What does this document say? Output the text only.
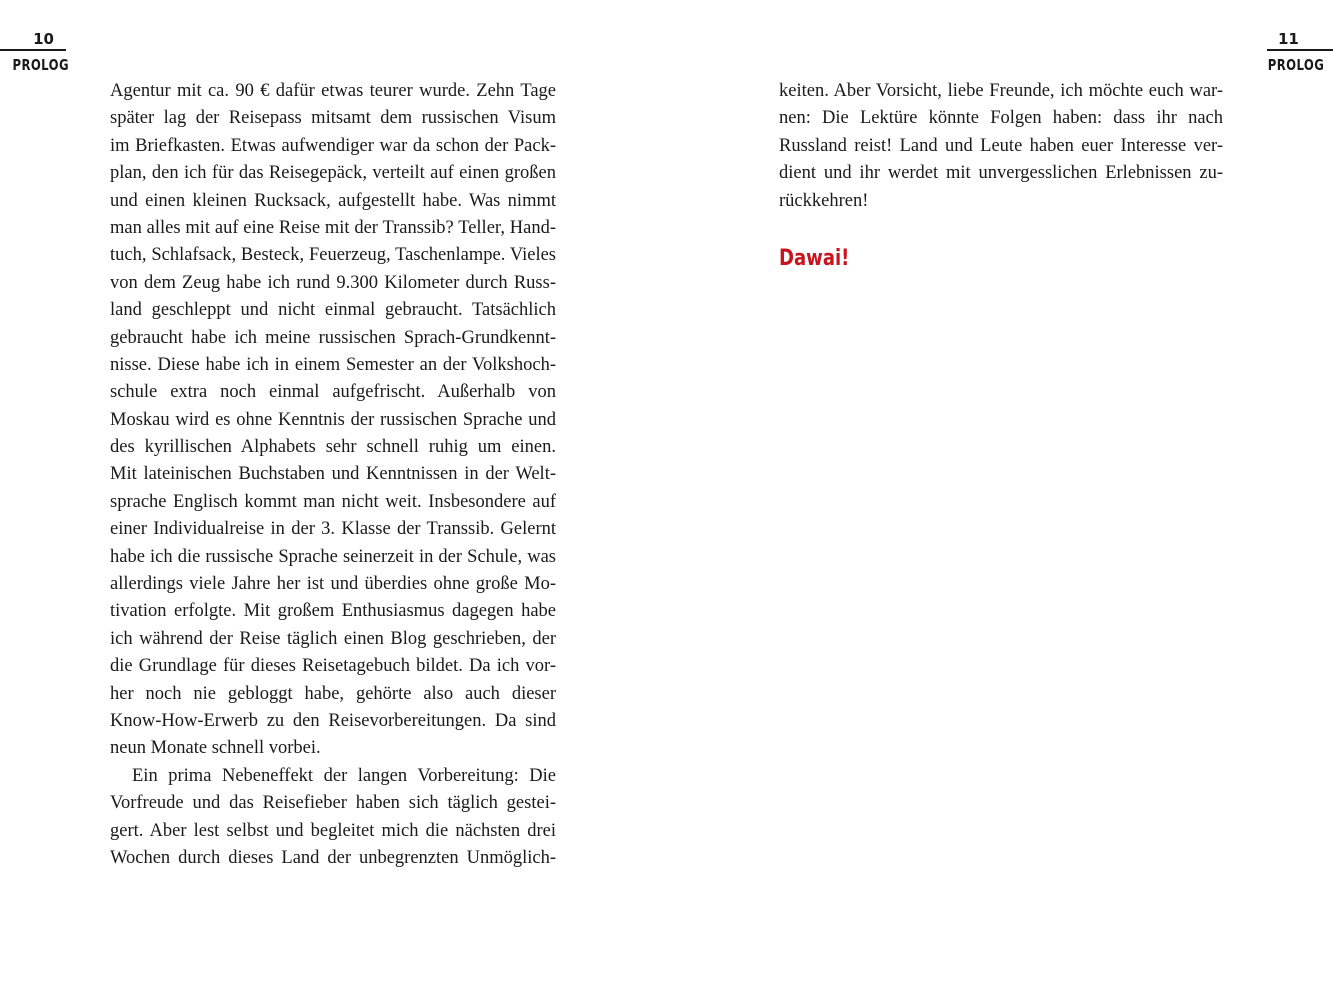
10
PROLOG
11
PROLOG
Agentur mit ca. 90 € dafür etwas teurer wurde. Zehn Tage
später lag der Reisepass mitsamt dem russischen Visum
im Briefkasten. Etwas aufwendiger war da schon der Pack-
plan, den ich für das Reisegepäck, verteilt auf einen großen
und einen kleinen Rucksack, aufgestellt habe. Was nimmt
man alles mit auf eine Reise mit der Transsib? Teller, Hand-
tuch, Schlafsack, Besteck, Feuerzeug, Taschenlampe. Vieles
von dem Zeug habe ich rund 9.300 Kilometer durch Russ-
land geschleppt und nicht einmal gebraucht. Tatsächlich
gebraucht habe ich meine russischen Sprach-Grundkennt-
nisse. Diese habe ich in einem Semester an der Volkshoch-
schule extra noch einmal aufgefrischt. Außerhalb von
Moskau wird es ohne Kenntnis der russischen Sprache und
des kyrillischen Alphabets sehr schnell ruhig um einen.
Mit lateinischen Buchstaben und Kenntnissen in der Welt-
sprache Englisch kommt man nicht weit. Insbesondere auf
einer Individualreise in der 3. Klasse der Transsib. Gelernt
habe ich die russische Sprache seinerzeit in der Schule, was
allerdings viele Jahre her ist und überdies ohne große Mo-
tivation erfolgte. Mit großem Enthusiasmus dagegen habe
ich während der Reise täglich einen Blog geschrieben, der
die Grundlage für dieses Reisetagebuch bildet. Da ich vor-
her noch nie gebloggt habe, gehörte also auch dieser
Know-How-Erwerb zu den Reisevorbereitungen. Da sind
neun Monate schnell vorbei.
Ein prima Nebeneffekt der langen Vorbereitung: Die
Vorfreude und das Reisefieber haben sich täglich gestei-
gert. Aber lest selbst und begleitet mich die nächsten drei
Wochen durch dieses Land der unbegrenzten Unmöglich-
keiten. Aber Vorsicht, liebe Freunde, ich möchte euch war-
nen: Die Lektüre könnte Folgen haben: dass ihr nach
Russland reist! Land und Leute haben euer Interesse ver-
dient und ihr werdet mit unvergesslichen Erlebnissen zu-
rückkehren!
Dawai!
